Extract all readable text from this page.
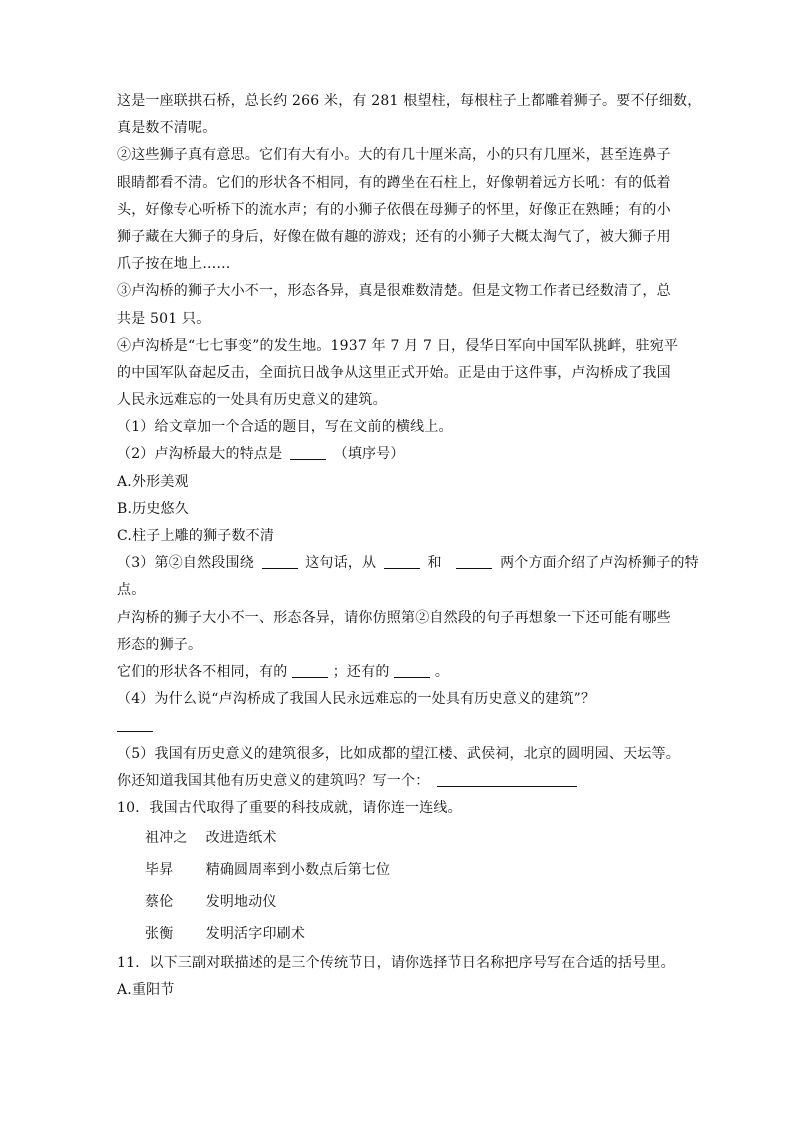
这是一座联拱石桥，总长约 266 米，有 281 根望柱，每根柱子上都雕着狮子。要不仔细数，
真是数不清呢。
②这些狮子真有意思。它们有大有小。大的有几十厘米高，小的只有几厘米，甚至连鼻子
眼睛都看不清。它们的形状各不相同，有的蹲坐在石柱上，好像朝着远方长吼：有的低着
头，好像专心听桥下的流水声；有的小狮子依偎在母狮子的怀里，好像正在熟睡；有的小
狮子藏在大狮子的身后，好像在做有趣的游戏；还有的小狮子大概太淘气了，被大狮子用
爪子按在地上……
③卢沟桥的狮子大小不一，形态各异，真是很难数清楚。但是文物工作者已经数清了，总
共是 501 只。
④卢沟桥是“七七事变”的发生地。1937 年 7 月 7 日，侵华日军向中国军队挑衅，驻宛平
的中国军队奋起反击，全面抗日战争从这里正式开始。正是由于这件事，卢沟桥成了我国
人民永远难忘的一处具有历史意义的建筑。
（1）给文章加一个合适的题目，写在文前的横线上。
（2）卢沟桥最大的特点是	（填序号）
A.外形美观
B.历史悠久
C.柱子上雕的狮子数不清
（3）第②自然段围绕	这句话，从	和	两个方面介绍了卢沟桥狮子的特
点。
卢沟桥的狮子大小不一、形态各异，请你仿照第②自然段的句子再想象一下还可能有哪些
形态的狮子。
它们的形状各不相同，有的	；还有的	。
（4）为什么说“卢沟桥成了我国人民永远难忘的一处具有历史意义的建筑”？
（5）我国有历史意义的建筑很多，比如成都的望江楼、武侯祠，北京的圆明园、天坛等。
你还知道我国其他有历史意义的建筑吗？写一个：
10．我国古代取得了重要的科技成就，请你连一连线。
祖冲之 改进造纸术
毕昇 精确圆周率到小数点后第七位
蔡伦 发明地动仪
张衡 发明活字印刷术
11．以下三副对联描述的是三个传统节日，请你选择节日名称把序号写在合适的括号里。
A.重阳节
